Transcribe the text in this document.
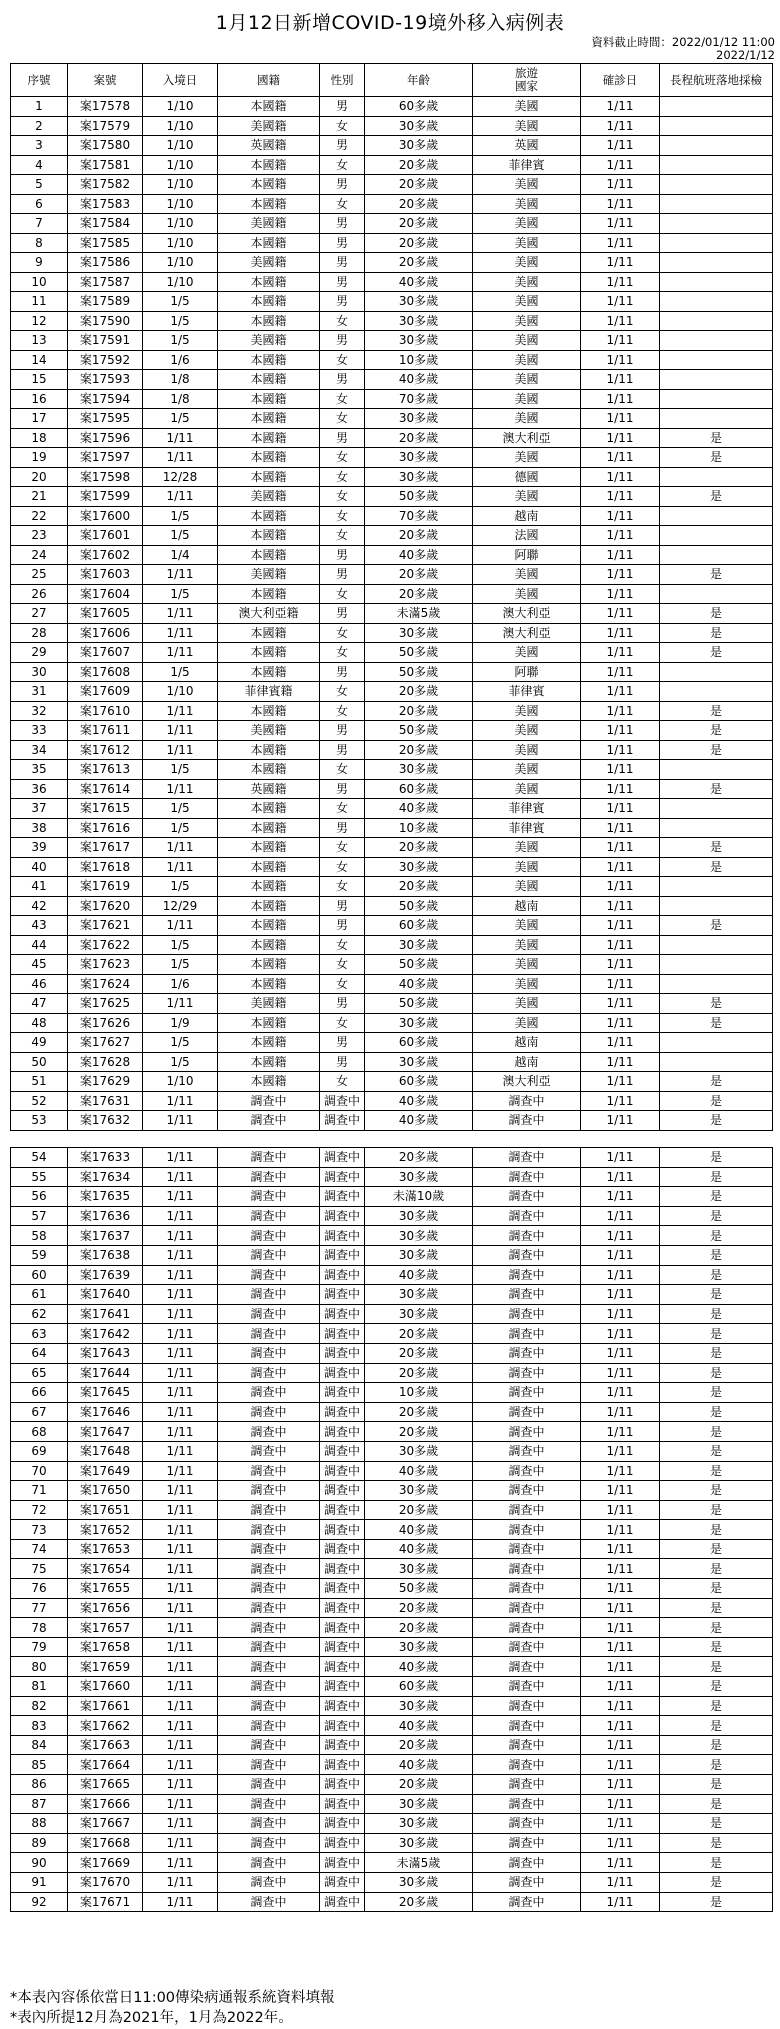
1月12日新增COVID-19境外移入病例表
資料截止時間：2022/01/12 11:00
2022/1/12
序號	案號	入境日	國籍	性別	年齡	旅遊
國家	確診日	長程航班落地採檢
1	案17578	1/10	本國籍	男	60多歲	美國	1/11	
2	案17579	1/10	美國籍	女	30多歲	美國	1/11	
3	案17580	1/10	英國籍	男	30多歲	英國	1/11	
4	案17581	1/10	本國籍	女	20多歲	菲律賓	1/11	
5	案17582	1/10	本國籍	男	20多歲	美國	1/11	
6	案17583	1/10	本國籍	女	20多歲	美國	1/11	
7	案17584	1/10	美國籍	男	20多歲	美國	1/11	
8	案17585	1/10	本國籍	男	20多歲	美國	1/11	
9	案17586	1/10	美國籍	男	20多歲	美國	1/11	
10	案17587	1/10	本國籍	男	40多歲	美國	1/11	
11	案17589	1/5	本國籍	男	30多歲	美國	1/11	
12	案17590	1/5	本國籍	女	30多歲	美國	1/11	
13	案17591	1/5	美國籍	男	30多歲	美國	1/11	
14	案17592	1/6	本國籍	女	10多歲	美國	1/11	
15	案17593	1/8	本國籍	男	40多歲	美國	1/11	
16	案17594	1/8	本國籍	女	70多歲	美國	1/11	
17	案17595	1/5	本國籍	女	30多歲	美國	1/11	
18	案17596	1/11	本國籍	男	20多歲	澳大利亞	1/11	是
19	案17597	1/11	本國籍	女	30多歲	美國	1/11	是
20	案17598	12/28	本國籍	女	30多歲	德國	1/11	
21	案17599	1/11	美國籍	女	50多歲	美國	1/11	是
22	案17600	1/5	本國籍	女	70多歲	越南	1/11	
23	案17601	1/5	本國籍	女	20多歲	法國	1/11	
24	案17602	1/4	本國籍	男	40多歲	阿聯	1/11	
25	案17603	1/11	美國籍	男	20多歲	美國	1/11	是
26	案17604	1/5	本國籍	女	20多歲	美國	1/11	
27	案17605	1/11	澳大利亞籍	男	未滿5歲	澳大利亞	1/11	是
28	案17606	1/11	本國籍	女	30多歲	澳大利亞	1/11	是
29	案17607	1/11	本國籍	女	50多歲	美國	1/11	是
30	案17608	1/5	本國籍	男	50多歲	阿聯	1/11	
31	案17609	1/10	菲律賓籍	女	20多歲	菲律賓	1/11	
32	案17610	1/11	本國籍	女	20多歲	美國	1/11	是
33	案17611	1/11	美國籍	男	50多歲	美國	1/11	是
34	案17612	1/11	本國籍	男	20多歲	美國	1/11	是
35	案17613	1/5	本國籍	女	30多歲	美國	1/11	
36	案17614	1/11	英國籍	男	60多歲	美國	1/11	是
37	案17615	1/5	本國籍	女	40多歲	菲律賓	1/11	
38	案17616	1/5	本國籍	男	10多歲	菲律賓	1/11	
39	案17617	1/11	本國籍	女	20多歲	美國	1/11	是
40	案17618	1/11	本國籍	女	30多歲	美國	1/11	是
41	案17619	1/5	本國籍	女	20多歲	美國	1/11	
42	案17620	12/29	本國籍	男	50多歲	越南	1/11	
43	案17621	1/11	本國籍	男	60多歲	美國	1/11	是
44	案17622	1/5	本國籍	女	30多歲	美國	1/11	
45	案17623	1/5	本國籍	女	50多歲	美國	1/11	
46	案17624	1/6	本國籍	女	40多歲	美國	1/11	
47	案17625	1/11	美國籍	男	50多歲	美國	1/11	是
48	案17626	1/9	本國籍	女	30多歲	美國	1/11	是
49	案17627	1/5	本國籍	男	60多歲	越南	1/11	
50	案17628	1/5	本國籍	男	30多歲	越南	1/11	
51	案17629	1/10	本國籍	女	60多歲	澳大利亞	1/11	是
52	案17631	1/11	調查中	調查中	40多歲	調查中	1/11	是
53	案17632	1/11	調查中	調查中	40多歲	調查中	1/11	是
54	案17633	1/11	調查中	調查中	20多歲	調查中	1/11	是
55	案17634	1/11	調查中	調查中	30多歲	調查中	1/11	是
56	案17635	1/11	調查中	調查中	未滿10歲	調查中	1/11	是
57	案17636	1/11	調查中	調查中	30多歲	調查中	1/11	是
58	案17637	1/11	調查中	調查中	30多歲	調查中	1/11	是
59	案17638	1/11	調查中	調查中	30多歲	調查中	1/11	是
60	案17639	1/11	調查中	調查中	40多歲	調查中	1/11	是
61	案17640	1/11	調查中	調查中	30多歲	調查中	1/11	是
62	案17641	1/11	調查中	調查中	30多歲	調查中	1/11	是
63	案17642	1/11	調查中	調查中	20多歲	調查中	1/11	是
64	案17643	1/11	調查中	調查中	20多歲	調查中	1/11	是
65	案17644	1/11	調查中	調查中	20多歲	調查中	1/11	是
66	案17645	1/11	調查中	調查中	10多歲	調查中	1/11	是
67	案17646	1/11	調查中	調查中	20多歲	調查中	1/11	是
68	案17647	1/11	調查中	調查中	20多歲	調查中	1/11	是
69	案17648	1/11	調查中	調查中	30多歲	調查中	1/11	是
70	案17649	1/11	調查中	調查中	40多歲	調查中	1/11	是
71	案17650	1/11	調查中	調查中	30多歲	調查中	1/11	是
72	案17651	1/11	調查中	調查中	20多歲	調查中	1/11	是
73	案17652	1/11	調查中	調查中	40多歲	調查中	1/11	是
74	案17653	1/11	調查中	調查中	40多歲	調查中	1/11	是
75	案17654	1/11	調查中	調查中	30多歲	調查中	1/11	是
76	案17655	1/11	調查中	調查中	50多歲	調查中	1/11	是
77	案17656	1/11	調查中	調查中	20多歲	調查中	1/11	是
78	案17657	1/11	調查中	調查中	20多歲	調查中	1/11	是
79	案17658	1/11	調查中	調查中	30多歲	調查中	1/11	是
80	案17659	1/11	調查中	調查中	40多歲	調查中	1/11	是
81	案17660	1/11	調查中	調查中	60多歲	調查中	1/11	是
82	案17661	1/11	調查中	調查中	30多歲	調查中	1/11	是
83	案17662	1/11	調查中	調查中	40多歲	調查中	1/11	是
84	案17663	1/11	調查中	調查中	20多歲	調查中	1/11	是
85	案17664	1/11	調查中	調查中	40多歲	調查中	1/11	是
86	案17665	1/11	調查中	調查中	20多歲	調查中	1/11	是
87	案17666	1/11	調查中	調查中	30多歲	調查中	1/11	是
88	案17667	1/11	調查中	調查中	30多歲	調查中	1/11	是
89	案17668	1/11	調查中	調查中	30多歲	調查中	1/11	是
90	案17669	1/11	調查中	調查中	未滿5歲	調查中	1/11	是
91	案17670	1/11	調查中	調查中	30多歲	調查中	1/11	是
92	案17671	1/11	調查中	調查中	20多歲	調查中	1/11	是
*本表內容係依當日11:00傳染病通報系統資料填報
*表內所提12月為2021年，1月為2022年。
